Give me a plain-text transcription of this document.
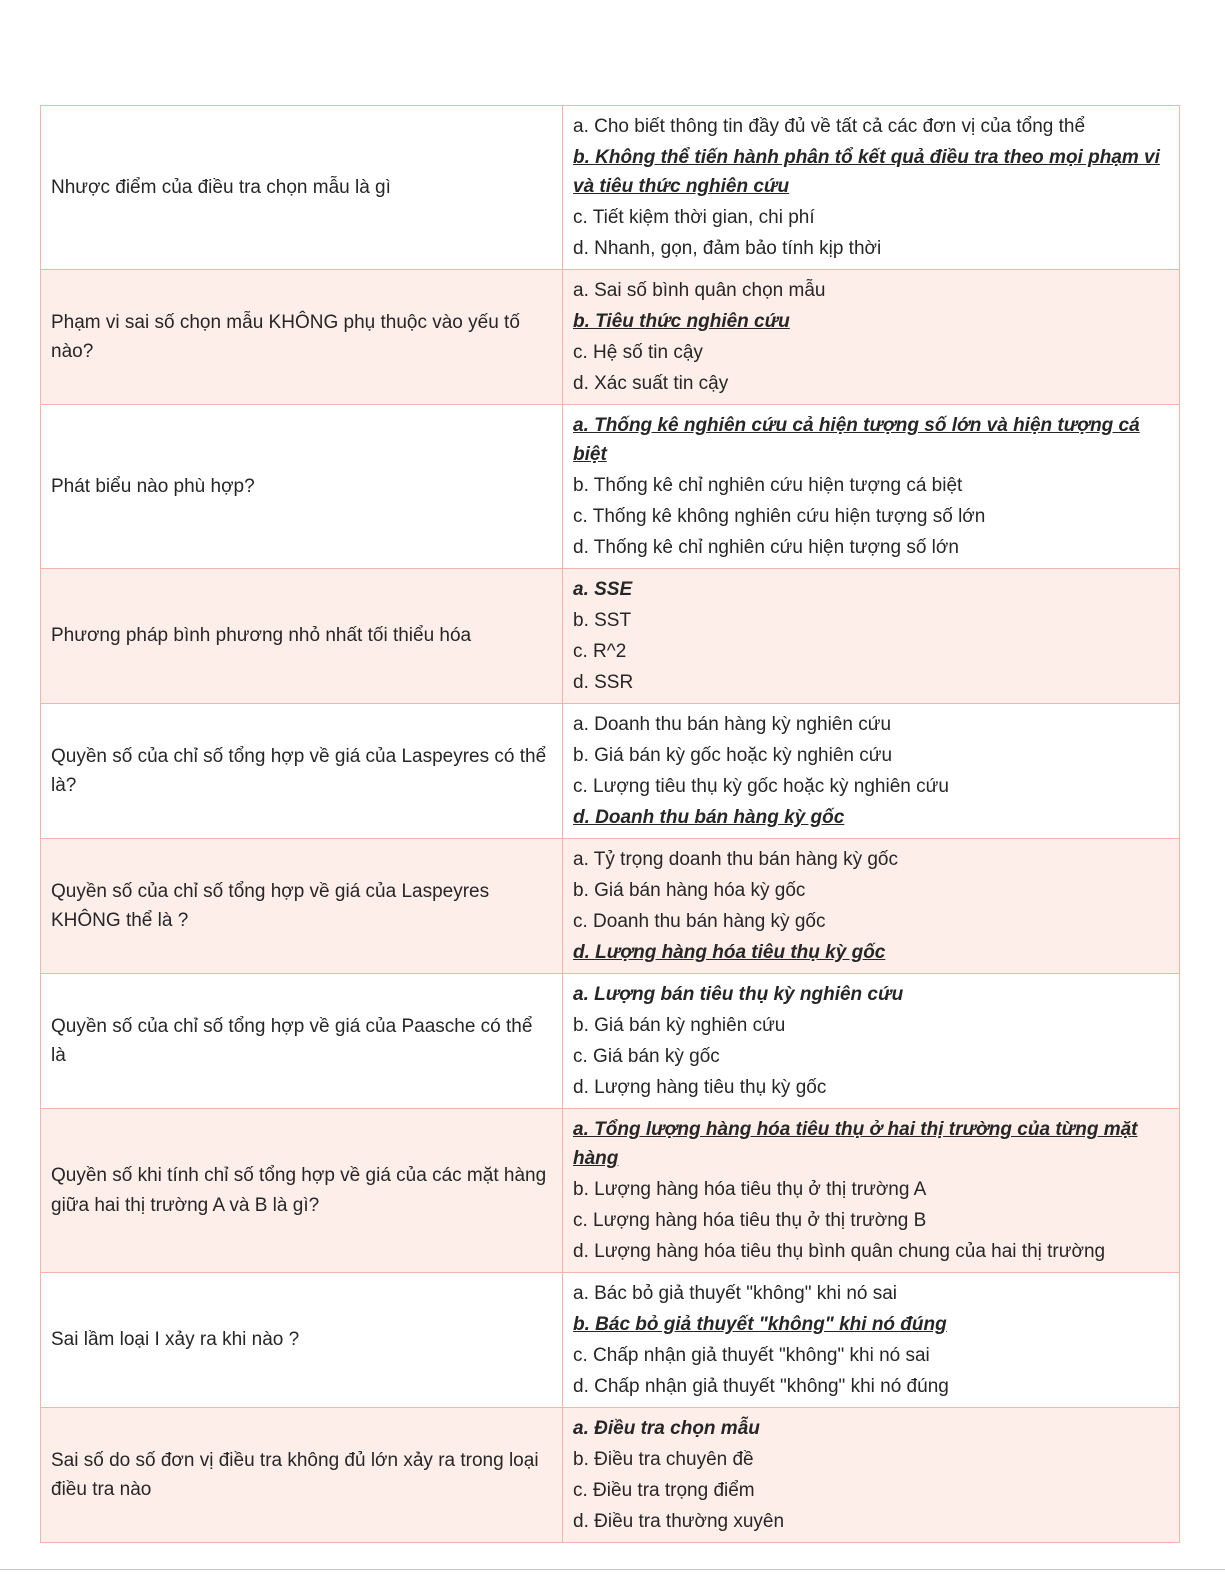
Nhược điểm của điều tra chọn mẫu là gì	a. Cho biết thông tin đầy đủ về tất cả các đơn vị của tổng thể
b. Không thể tiến hành phân tổ kết quả điều tra theo mọi phạm vi và tiêu thức nghiên cứu
c. Tiết kiệm thời gian, chi phí
d. Nhanh, gọn, đảm bảo tính kịp thời

Phạm vi sai số chọn mẫu KHÔNG phụ thuộc vào yếu tố nào?	a. Sai số bình quân chọn mẫu
b. Tiêu thức nghiên cứu
c. Hệ số tin cậy
d. Xác suất tin cậy

Phát biểu nào phù hợp?	a. Thống kê nghiên cứu cả hiện tượng số lớn và hiện tượng cá biệt
b. Thống kê chỉ nghiên cứu hiện tượng cá biệt
c. Thống kê không nghiên cứu hiện tượng số lớn
d. Thống kê chỉ nghiên cứu hiện tượng số lớn

Phương pháp bình phương nhỏ nhất tối thiểu hóa	a. SSE
b. SST
c. R^2
d. SSR

Quyền số của chỉ số tổng hợp về giá của Laspeyres có thể là?	a. Doanh thu bán hàng kỳ nghiên cứu
b. Giá bán kỳ gốc hoặc kỳ nghiên cứu
c. Lượng tiêu thụ kỳ gốc hoặc kỳ nghiên cứu
d. Doanh thu bán hàng kỳ gốc

Quyền số của chỉ số tổng hợp về giá của Laspeyres KHÔNG thể là ?	a. Tỷ trọng doanh thu bán hàng kỳ gốc
b. Giá bán hàng hóa kỳ gốc
c. Doanh thu bán hàng kỳ gốc
d. Lượng hàng hóa tiêu thụ kỳ gốc

Quyền số của chỉ số tổng hợp về giá của Paasche có thể là	a. Lượng bán tiêu thụ kỳ nghiên cứu
b. Giá bán kỳ nghiên cứu
c. Giá bán kỳ gốc
d. Lượng hàng tiêu thụ kỳ gốc

Quyền số khi tính chỉ số tổng hợp về giá của các mặt hàng giữa hai thị trường A và B là gì?	a. Tổng lượng hàng hóa tiêu thụ ở hai thị trường của từng mặt hàng
b. Lượng hàng hóa tiêu thụ ở thị trường A
c. Lượng hàng hóa tiêu thụ ở thị trường B
d. Lượng hàng hóa tiêu thụ bình quân chung của hai thị trường

Sai lầm loại I xảy ra khi nào ?	a. Bác bỏ giả thuyết "không" khi nó sai
b. Bác bỏ giả thuyết "không" khi nó đúng
c. Chấp nhận giả thuyết "không" khi nó sai
d. Chấp nhận giả thuyết "không" khi nó đúng

Sai số do số đơn vị điều tra không đủ lớn xảy ra trong loại điều tra nào	a. Điều tra chọn mẫu
b. Điều tra chuyên đề
c. Điều tra trọng điểm
d. Điều tra thường xuyên
